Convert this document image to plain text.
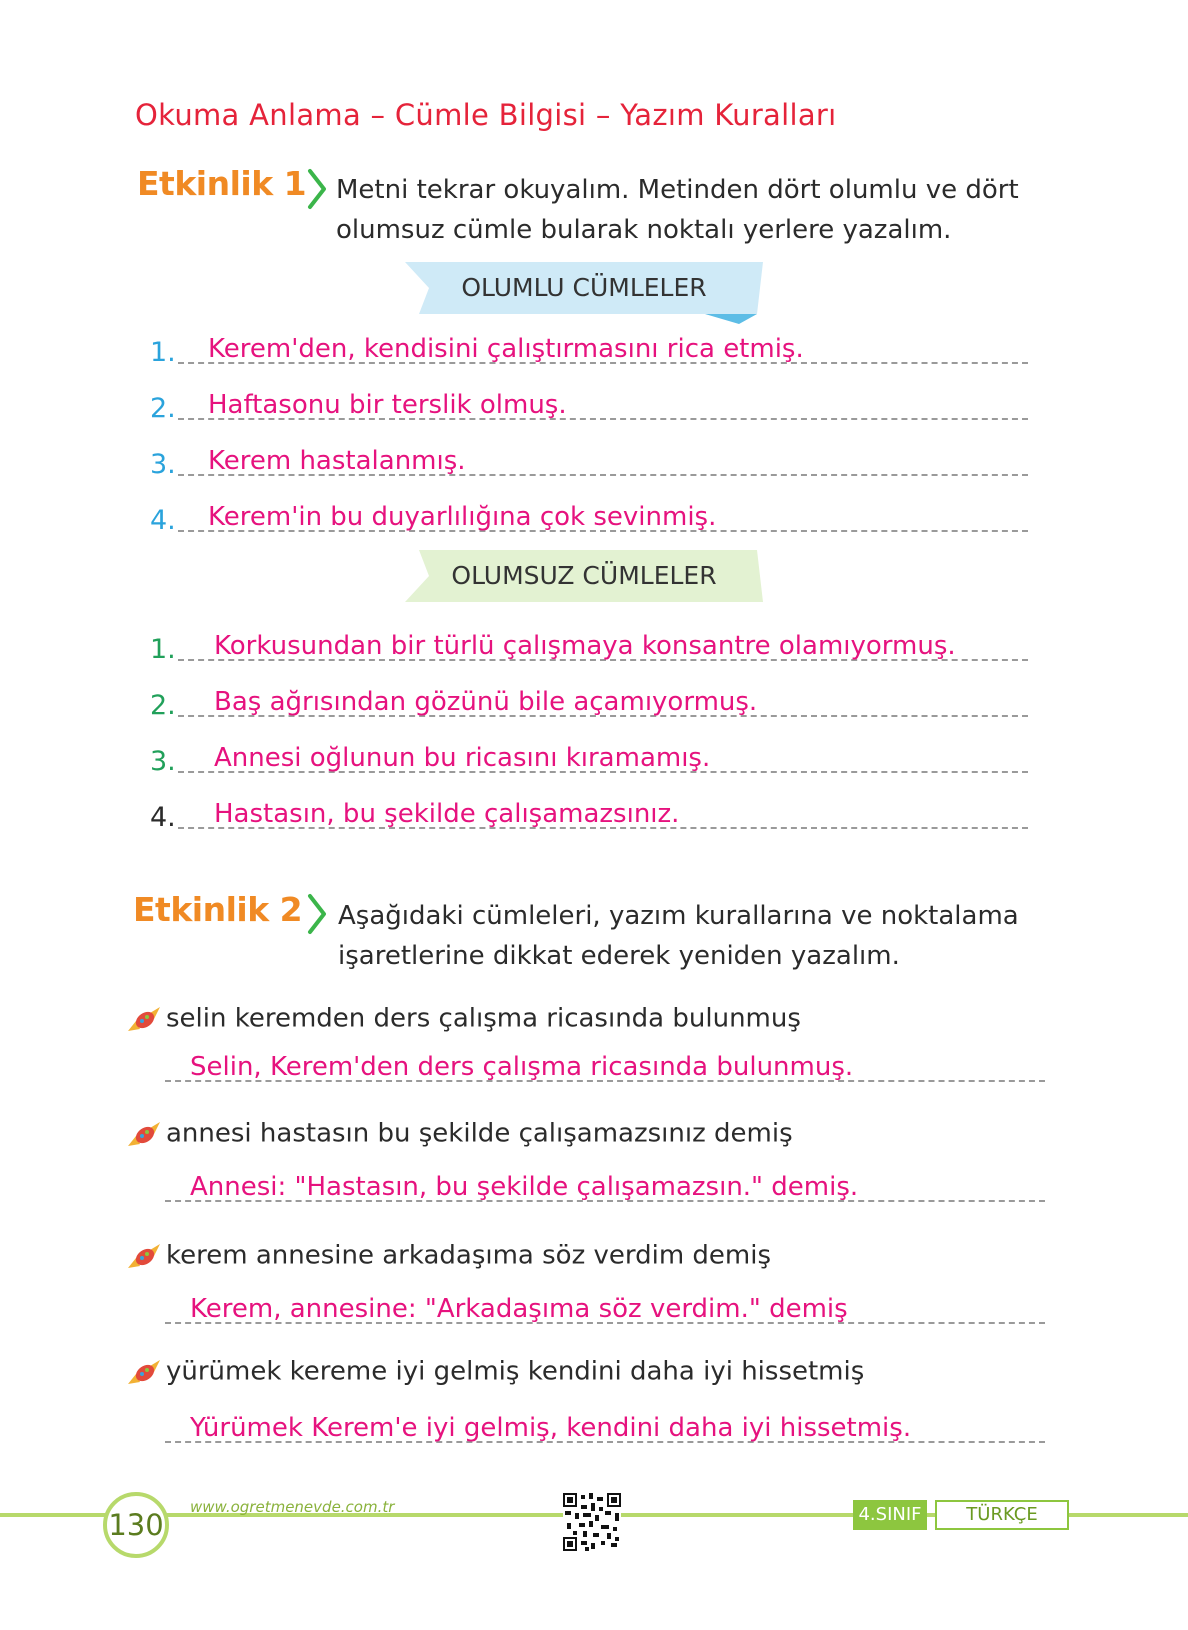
Okuma Anlama – Cümle Bilgisi – Yazım Kuralları
Etkinlik 1 Metni tekrar okuyalım. Metinden dört olumlu ve dört
olumsuz cümle bularak noktalı yerlere yazalım.
OLUMLU CÜMLELER
1. Kerem'den, kendisini çalıştırmasını rica etmiş.
2. Haftasonu bir terslik olmuş.
3. Kerem hastalanmış.
4. Kerem'in bu duyarlılığına çok sevinmiş.
OLUMSUZ CÜMLELER
1. Korkusundan bir türlü çalışmaya konsantre olamıyormuş.
2. Baş ağrısından gözünü bile açamıyormuş.
3. Annesi oğlunun bu ricasını kıramamış.
4. Hastasın, bu şekilde çalışamazsınız.
Etkinlik 2 Aşağıdaki cümleleri, yazım kurallarına ve noktalama
işaretlerine dikkat ederek yeniden yazalım.
selin keremden ders çalışma ricasında bulunmuş
Selin, Kerem'den ders çalışma ricasında bulunmuş.
annesi hastasın bu şekilde çalışamazsınız demiş
Annesi: "Hastasın, bu şekilde çalışamazsın." demiş.
kerem annesine arkadaşıma söz verdim demiş
Kerem, annesine: "Arkadaşıma söz verdim." demiş
yürümek kereme iyi gelmiş kendini daha iyi hissetmiş
Yürümek Kerem'e iyi gelmiş, kendini daha iyi hissetmiş.
130
www.ogretmenevde.com.tr	4.SINIF	TÜRKÇE
